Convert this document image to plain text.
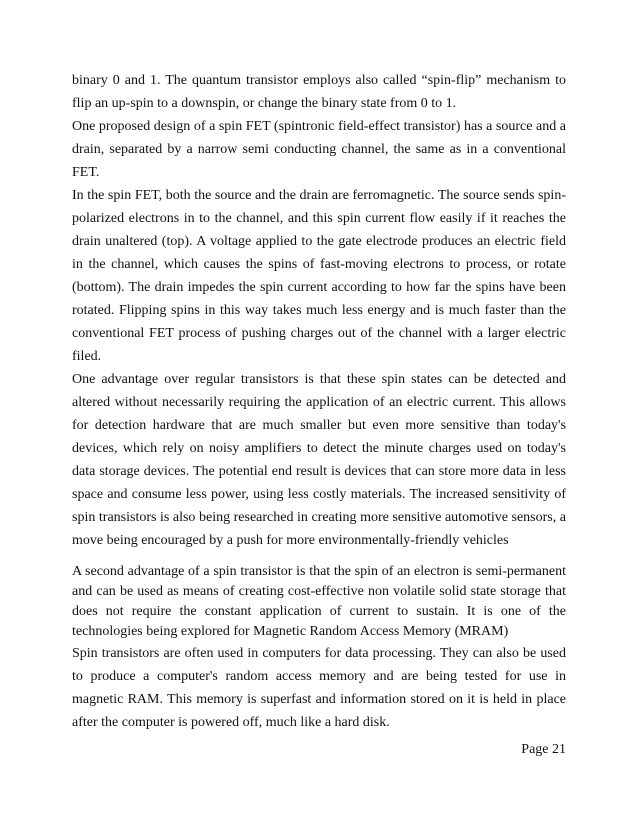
binary 0 and 1. The quantum transistor employs also called “spin-flip” mechanism to flip an up-spin to a downspin, or change the binary state from 0 to 1.

One proposed design of a spin FET (spintronic field-effect transistor) has a source and a drain, separated by a narrow semi conducting channel, the same as in a conventional FET.

In the spin FET, both the source and the drain are ferromagnetic. The source sends spin-polarized electrons in to the channel, and this spin current flow easily if it reaches the drain unaltered (top). A voltage applied to the gate electrode produces an electric field in the channel, which causes the spins of fast-moving electrons to process, or rotate (bottom). The drain impedes the spin current according to how far the spins have been rotated. Flipping spins in this way takes much less energy and is much faster than the conventional FET process of pushing charges out of the channel with a larger electric filed.

One advantage over regular transistors is that these spin states can be detected and altered without necessarily requiring the application of an electric current. This allows for detection hardware that are much smaller but even more sensitive than today's devices, which rely on noisy amplifiers to detect the minute charges used on today's data storage devices. The potential end result is devices that can store more data in less space and consume less power, using less costly materials. The increased sensitivity of spin transistors is also being researched in creating more sensitive automotive sensors, a move being encouraged by a push for more environmentally-friendly vehicles

A second advantage of a spin transistor is that the spin of an electron is semi-permanent and can be used as means of creating cost-effective non volatile solid state storage that does not require the constant application of current to sustain. It is one of the technologies being explored for Magnetic Random Access Memory (MRAM)

Spin transistors are often used in computers for data processing. They can also be used to produce a computer's random access memory and are being tested for use in magnetic RAM. This memory is superfast and information stored on it is held in place after the computer is powered off, much like a hard disk.

Page 21
